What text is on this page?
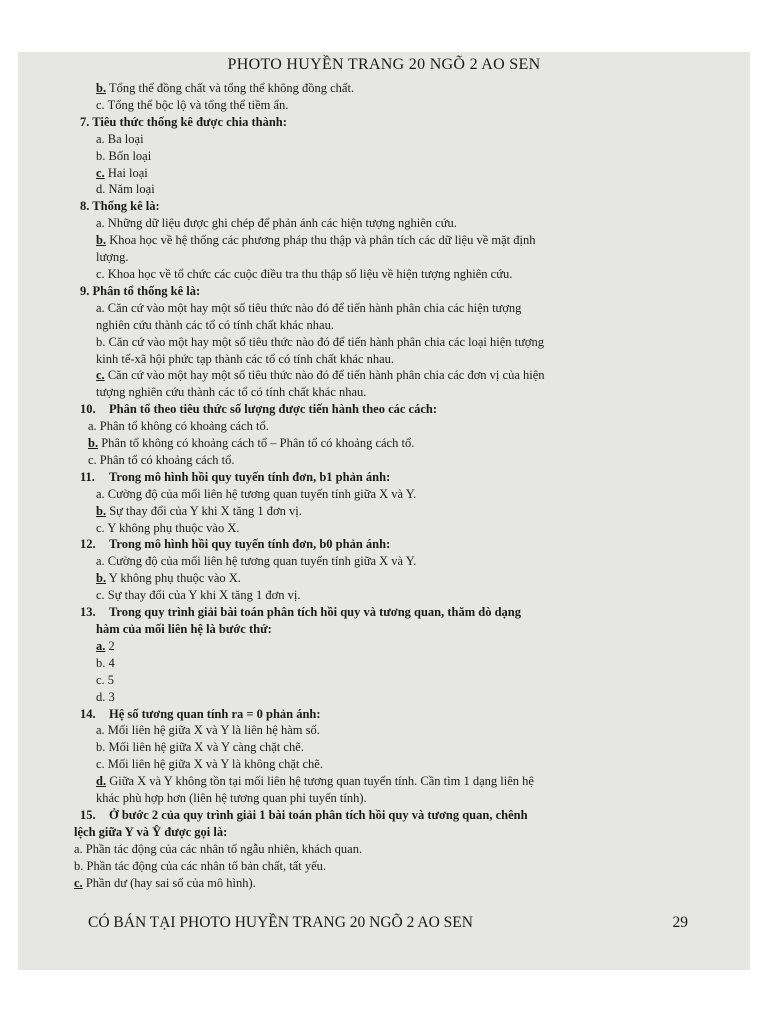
PHOTO HUYỀN TRANG 20 NGÕ 2 AO SEN
b. Tổng thể đồng chất và tổng thể không đồng chất.
c. Tổng thể bộc lộ và tổng thể tiềm ẩn.
7. Tiêu thức thống kê được chia thành:
a. Ba loại
b. Bốn loại
c. Hai loại
d. Năm loại
8. Thống kê là:
a. Những dữ liệu được ghi chép để phản ánh các hiện tượng nghiên cứu.
b. Khoa học về hệ thống các phương pháp thu thập và phân tích các dữ liệu về mặt định
lượng.
c. Khoa học về tổ chức các cuộc điều tra thu thập số liệu về hiện tượng nghiên cứu.
9. Phân tổ thống kê là:
a. Căn cứ vào một hay một số tiêu thức nào đó để tiến hành phân chia các hiện tượng
nghiên cứu thành các tổ có tính chất khác nhau.
b. Căn cứ vào một hay một số tiêu thức nào đó để tiến hành phân chia các loại hiện tượng
kinh tế-xã hội phức tạp thành các tổ có tính chất khác nhau.
c. Căn cứ vào một hay một số tiêu thức nào đó để tiến hành phân chia các đơn vị của hiện
tượng nghiên cứu thành các tổ có tính chất khác nhau.
10. Phân tổ theo tiêu thức số lượng được tiến hành theo các cách:
a. Phân tổ không có khoảng cách tổ.
b. Phân tổ không có khoảng cách tổ – Phân tổ có khoảng cách tổ.
c. Phân tổ có khoảng cách tổ.
11. Trong mô hình hồi quy tuyến tính đơn, b1 phản ánh:
a. Cường độ của mối liên hệ tương quan tuyến tính giữa X và Y.
b. Sự thay đổi của Y khi X tăng 1 đơn vị.
c. Y không phụ thuộc vào X.
12. Trong mô hình hồi quy tuyến tính đơn, b0 phản ánh:
a. Cường độ của mối liên hệ tương quan tuyến tính giữa X và Y.
b. Y không phụ thuộc vào X.
c. Sự thay đổi của Y khi X tăng 1 đơn vị.
13. Trong quy trình giải bài toán phân tích hồi quy và tương quan, thăm dò dạng
hàm của mối liên hệ là bước thứ:
a. 2
b. 4
c. 5
d. 3
14. Hệ số tương quan tính ra = 0 phản ánh:
a. Mối liên hệ giữa X và Y là liên hệ hàm số.
b. Mối liên hệ giữa X và Y càng chặt chẽ.
c. Mối liên hệ giữa X và Y là không chặt chẽ.
d. Giữa X và Y không tồn tại mối liên hệ tương quan tuyến tính. Cần tìm 1 dạng liên hệ
khác phù hợp hơn (liên hệ tương quan phi tuyến tính).
15. Ở bước 2 của quy trình giải 1 bài toán phân tích hồi quy và tương quan, chênh
lệch giữa Y và Ŷ được gọi là:
a. Phần tác động của các nhân tố ngẫu nhiên, khách quan.
b. Phần tác động của các nhân tố bản chất, tất yếu.
c. Phần dư (hay sai số của mô hình).
CÓ BÁN TẠI PHOTO HUYỀN TRANG 20 NGÕ 2 AO SEN	29
